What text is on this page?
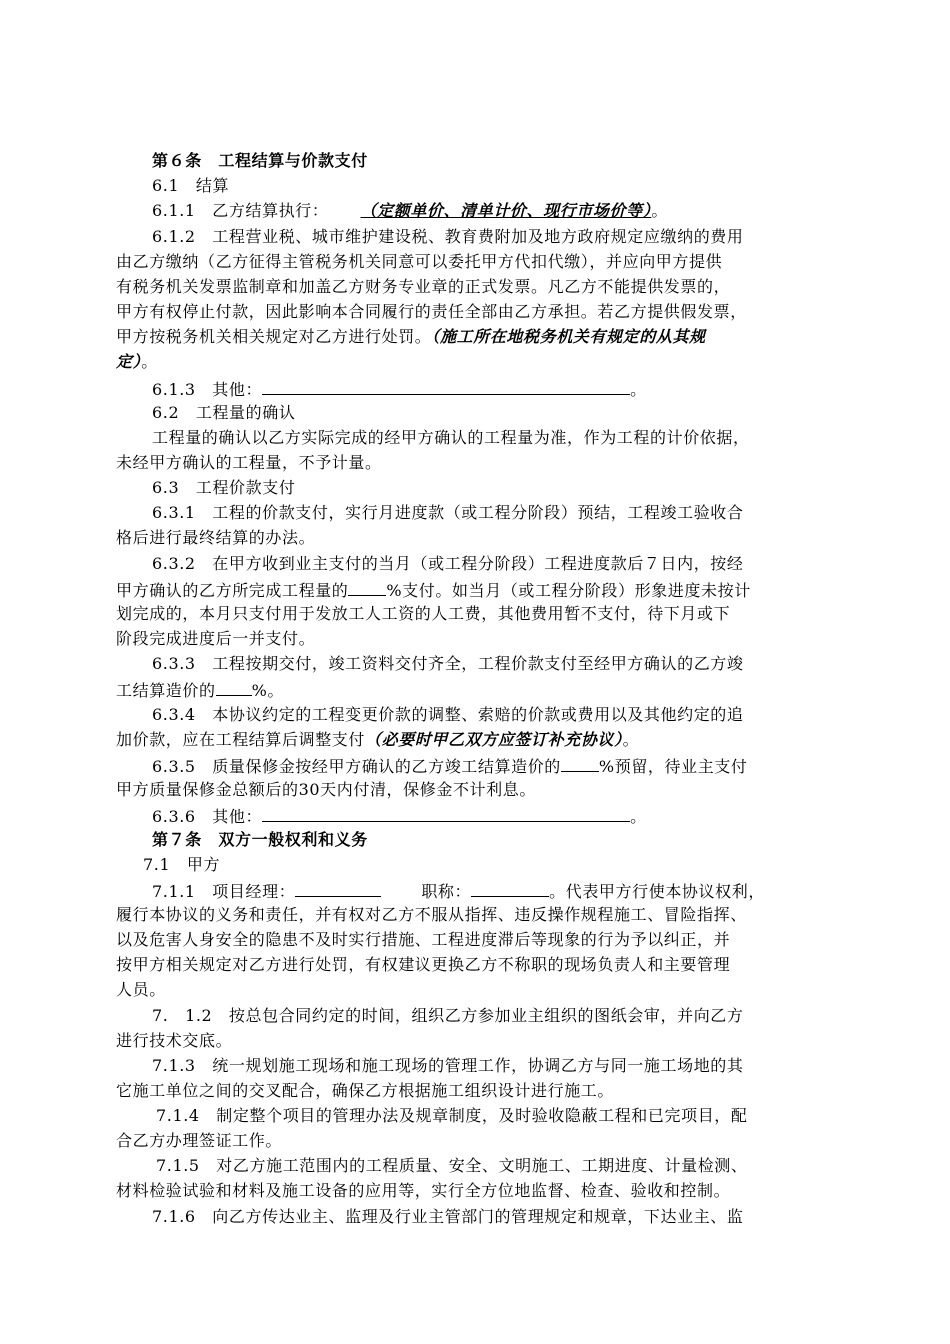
第６条　工程结算与价款支付
6.1　结算
6.1.1　乙方结算执行： （定额单价、清单计价、现行市场价等）。
6.1.2　工程营业税、城市维护建设税、教育费附加及地方政府规定应缴纳的费用
由乙方缴纳（乙方征得主管税务机关同意可以委托甲方代扣代缴），并应向甲方提供
有税务机关发票监制章和加盖乙方财务专业章的正式发票。凡乙方不能提供发票的，
甲方有权停止付款，因此影响本合同履行的责任全部由乙方承担。若乙方提供假发票，
甲方按税务机关相关规定对乙方进行处罚。（施工所在地税务机关有规定的从其规
定）。
6.1.3　其他：	。
6.2　工程量的确认
工程量的确认以乙方实际完成的经甲方确认的工程量为准，作为工程的计价依据，
未经甲方确认的工程量，不予计量。
6.3　工程价款支付
6.3.1　工程的价款支付，实行月进度款（或工程分阶段）预结，工程竣工验收合
格后进行最终结算的办法。
6.3.2　在甲方收到业主支付的当月（或工程分阶段）工程进度款后７日内，按经
甲方确认的乙方所完成工程量的 %支付。如当月（或工程分阶段）形象进度未按计
划完成的，本月只支付用于发放工人工资的人工费，其他费用暂不支付，待下月或下
阶段完成进度后一并支付。
6.3.3　工程按期交付，竣工资料交付齐全，工程价款支付至经甲方确认的乙方竣
工结算造价的 %。
6.3.4　本协议约定的工程变更价款的调整、索赔的价款或费用以及其他约定的追
加价款，应在工程结算后调整支付（必要时甲乙双方应签订补充协议）。
6.3.5　质量保修金按经甲方确认的乙方竣工结算造价的 %预留，待业主支付
甲方质量保修金总额后的30天内付清，保修金不计利息。
6.3.6　其他：	。
第７条　双方一般权利和义务
7.1　甲方
7.1.1　项目经理：	职称：	。代表甲方行使本协议权利，
履行本协议的义务和责任，并有权对乙方不服从指挥、违反操作规程施工、冒险指挥、
以及危害人身安全的隐患不及时实行措施、工程进度滞后等现象的行为予以纠正，并
按甲方相关规定对乙方进行处罚，有权建议更换乙方不称职的现场负责人和主要管理
人员。
7.　1.2　按总包合同约定的时间，组织乙方参加业主组织的图纸会审，并向乙方
进行技术交底。
7.1.3　统一规划施工现场和施工现场的管理工作，协调乙方与同一施工场地的其
它施工单位之间的交叉配合，确保乙方根据施工组织设计进行施工。
7.1.4　制定整个项目的管理办法及规章制度，及时验收隐蔽工程和已完项目，配
合乙方办理签证工作。
7.1.5　对乙方施工范围内的工程质量、安全、文明施工、工期进度、计量检测、
材料检验试验和材料及施工设备的应用等，实行全方位地监督、检查、验收和控制。
7.1.6　向乙方传达业主、监理及行业主管部门的管理规定和规章，下达业主、监
